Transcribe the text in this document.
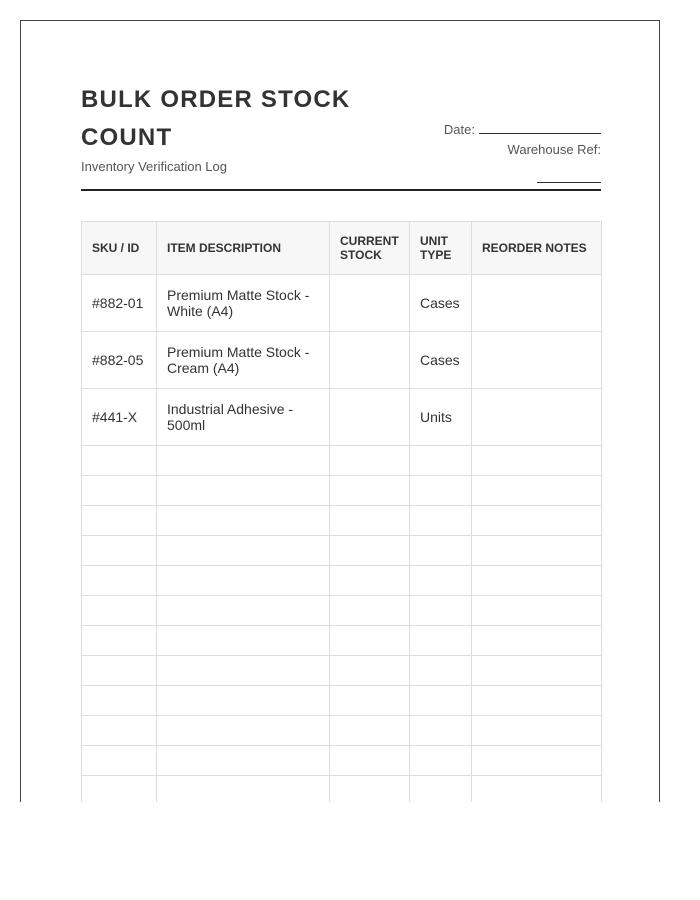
BULK ORDER STOCK COUNT
Inventory Verification Log
Date:
Warehouse Ref:
SKU / ID	ITEM DESCRIPTION	CURRENT STOCK	UNIT TYPE	REORDER NOTES
#882-01	Premium Matte Stock - White (A4)		Cases	
#882-05	Premium Matte Stock - Cream (A4)		Cases	
#441-X	Industrial Adhesive - 500ml		Units	
